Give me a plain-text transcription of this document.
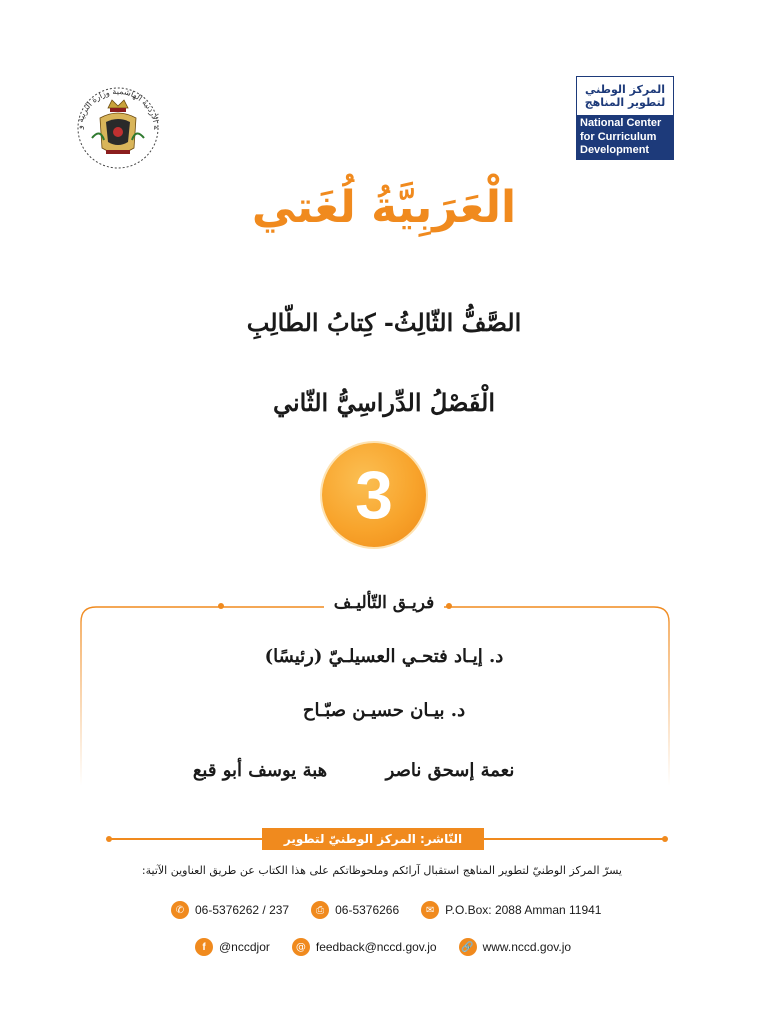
ة الأردنية الهاشمية وزارة التربية و
المركز الوطني
لتطوير المناهج
National Center
for Curriculum
Development
الْعَرَبِيَّةُ لُغَتي
الصَّفُّ الثّالِثُ- كِتابُ الطّالِبِ
الْفَصْلُ الدِّراسِيُّ الثّاني
3
فريـق التّأليـف
د. إيـاد فتحـي العسيلـيّ (رئيسًا)
د. بيـان حسيـن صبّـاح
نعمة إسحق ناصر
هبة يوسف أبو قبع
النّاشر: المركز الوطنيّ لتطوير المناهج
يسرّ المركز الوطنيّ لتطوير المناهج استقبال آرائكم وملحوظاتكم على هذا الكتاب عن طريق العناوين الآتية:
✆ 06-5376262 / 237	⎙ 06-5376266	✉ P.O.Box: 2088 Amman 11941
f	@nccdjor	@ feedback@nccd.gov.jo 🔗 www.nccd.gov.jo
